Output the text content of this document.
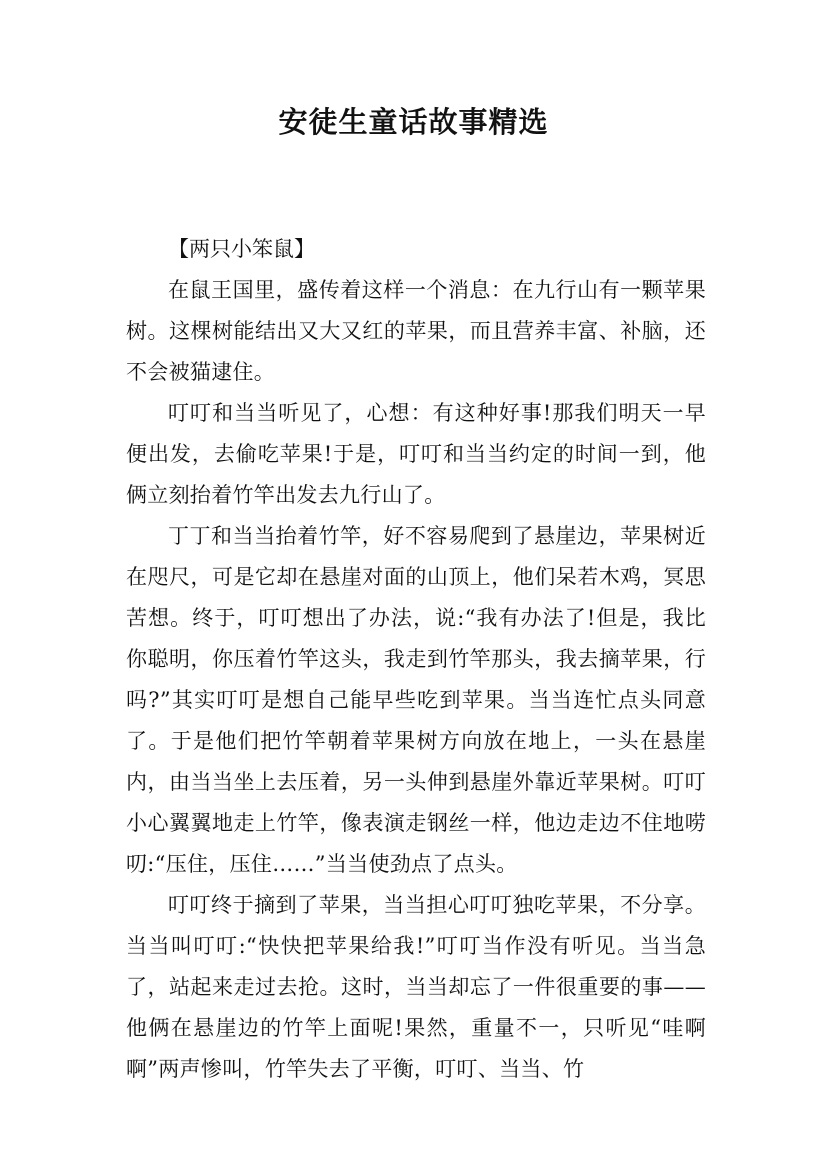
安徒生童话故事精选
【两只小笨鼠】

在鼠王国里，盛传着这样一个消息：在九行山有一颗苹果树。这棵树能结出又大又红的苹果，而且营养丰富、补脑，还不会被猫逮住。

叮叮和当当听见了，心想：有这种好事!那我们明天一早便出发，去偷吃苹果!于是，叮叮和当当约定的时间一到，他俩立刻抬着竹竿出发去九行山了。

丁丁和当当抬着竹竿，好不容易爬到了悬崖边，苹果树近在咫尺，可是它却在悬崖对面的山顶上，他们呆若木鸡，冥思苦想。终于，叮叮想出了办法，说:“我有办法了!但是，我比你聪明，你压着竹竿这头，我走到竹竿那头，我去摘苹果，行吗?”其实叮叮是想自己能早些吃到苹果。当当连忙点头同意了。于是他们把竹竿朝着苹果树方向放在地上，一头在悬崖内，由当当坐上去压着，另一头伸到悬崖外靠近苹果树。叮叮小心翼翼地走上竹竿，像表演走钢丝一样，他边走边不住地唠叨:“压住，压住……”当当使劲点了点头。

叮叮终于摘到了苹果，当当担心叮叮独吃苹果，不分享。当当叫叮叮:“快快把苹果给我!”叮叮当作没有听见。当当急了，站起来走过去抢。这时，当当却忘了一件很重要的事——他俩在悬崖边的竹竿上面呢!果然，重量不一，只听见“哇啊啊”两声惨叫，竹竿失去了平衡，叮叮、当当、竹
